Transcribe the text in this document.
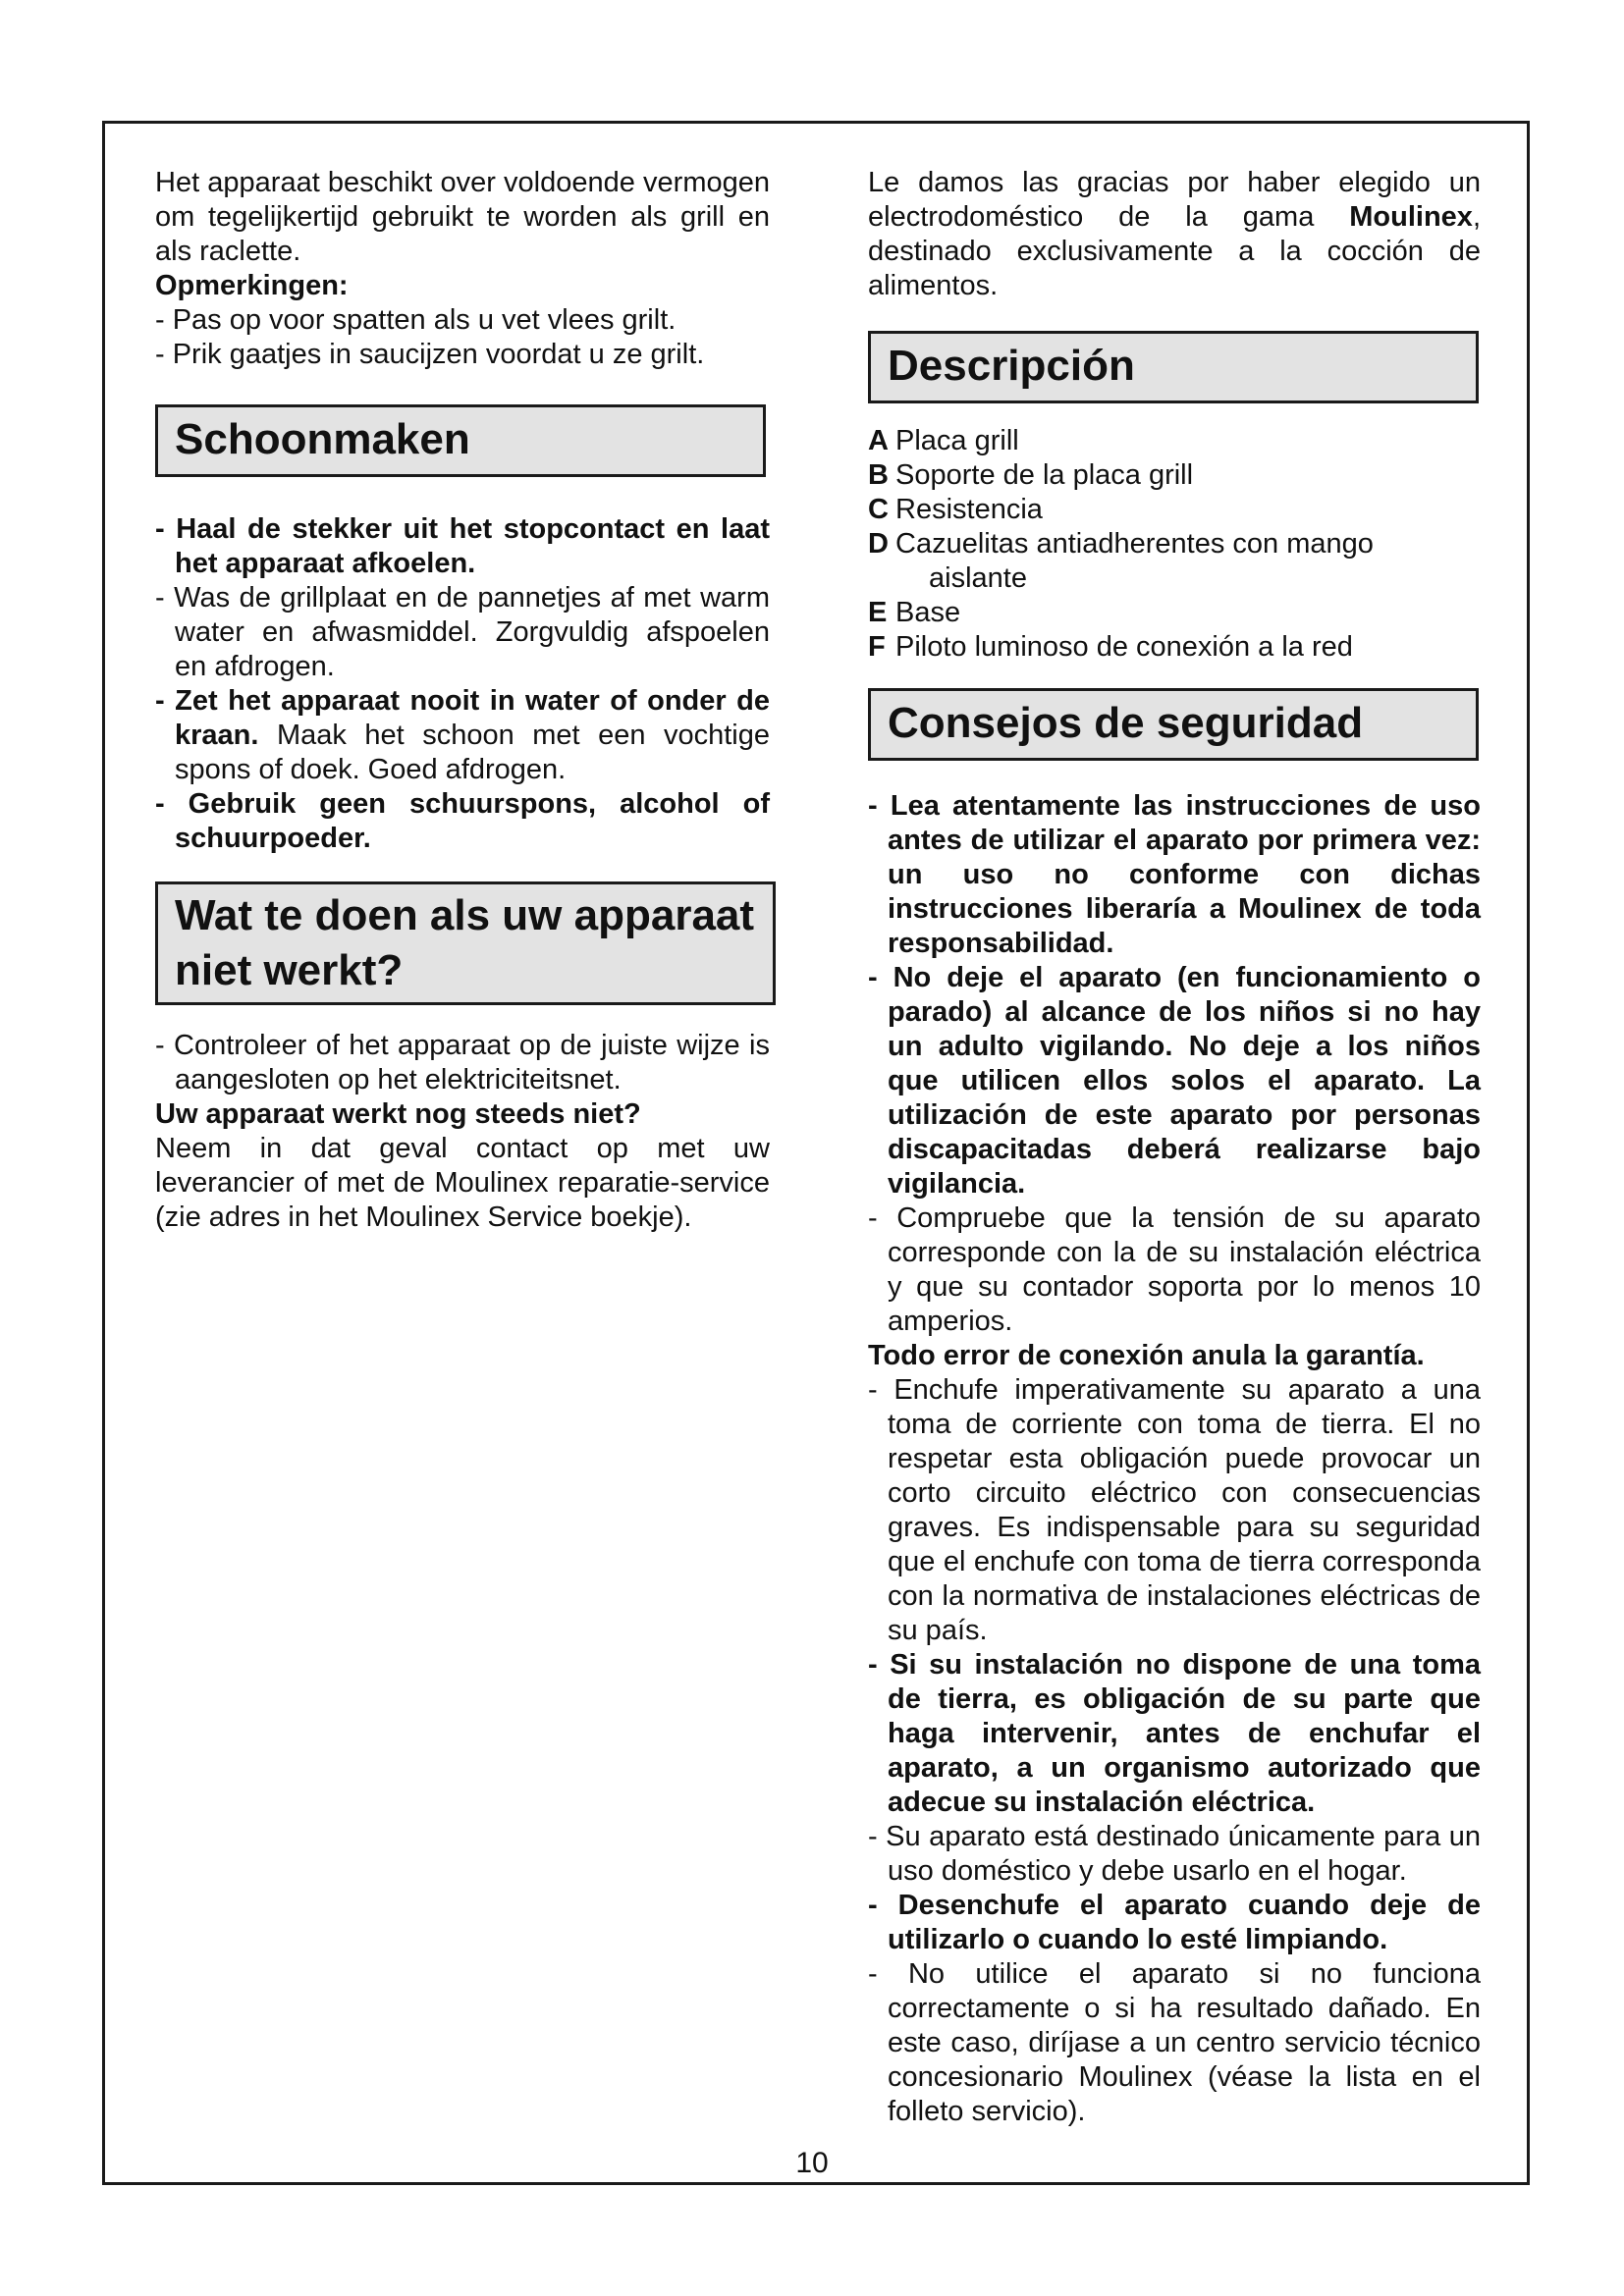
Het apparaat beschikt over voldoende vermogen om tegelijkertijd gebruikt te worden als grill en als raclette.

Opmerkingen:

- Pas op voor spatten als u vet vlees grilt.

- Prik gaatjes in saucijzen voordat u ze grilt.

Schoonmaken

- Haal de stekker uit het stopcontact en laat het apparaat afkoelen.

- Was de grillplaat en de pannetjes af met warm water en afwasmiddel. Zorgvuldig afspoelen en afdrogen.

- Zet het apparaat nooit in water of onder de kraan. Maak het schoon met een vochtige spons of doek. Goed afdrogen.

- Gebruik geen schuurspons, alcohol of schuurpoeder.

Wat te doen als uw apparaat niet werkt?

- Controleer of het apparaat op de juiste wijze is aangesloten op het elektriciteitsnet.

Uw apparaat werkt nog steeds niet?

Neem in dat geval contact op met uw leverancier of met de Moulinex reparatie-service (zie adres in het Moulinex Service boekje).

Le damos las gracias por haber elegido un electrodoméstico de la gama Moulinex, destinado exclusivamente a la cocción de alimentos.

Descripción
A Placa grill
B Soporte de la placa grill
C Resistencia
D Cazuelitas antiadherentes con mango
aislante
E Base
F Piloto luminoso de conexión a la red
Consejos de seguridad

- Lea atentamente las instrucciones de uso antes de utilizar el aparato por primera vez: un uso no conforme con dichas instrucciones liberaría a Moulinex de toda responsabilidad.

- No deje el aparato (en funcionamiento o parado) al alcance de los niños si no hay un adulto vigilando. No deje a los niños que utilicen ellos solos el aparato. La utilización de este aparato por personas discapacitadas deberá realizarse bajo vigilancia.

- Compruebe que la tensión de su aparato corresponde con la de su instalación eléctrica y que su contador soporta por lo menos 10 amperios.

Todo error de conexión anula la garantía.

- Enchufe imperativamente su aparato a una toma de corriente con toma de tierra. El no respetar esta obligación puede provocar un corto circuito eléctrico con consecuencias graves. Es indispensable para su seguridad que el enchufe con toma de tierra corresponda con la normativa de instalaciones eléctricas de su país.

- Si su instalación no dispone de una toma de tierra, es obligación de su parte que haga intervenir, antes de enchufar el aparato, a un organismo autorizado que adecue su instalación eléctrica.

- Su aparato está destinado únicamente para un uso doméstico y debe usarlo en el hogar.

- Desenchufe el aparato cuando deje de utilizarlo o cuando lo esté limpiando.

- No utilice el aparato si no funciona correctamente o si ha resultado dañado. En este caso, diríjase a un centro servicio técnico concesionario Moulinex (véase la lista en el folleto servicio).

10
